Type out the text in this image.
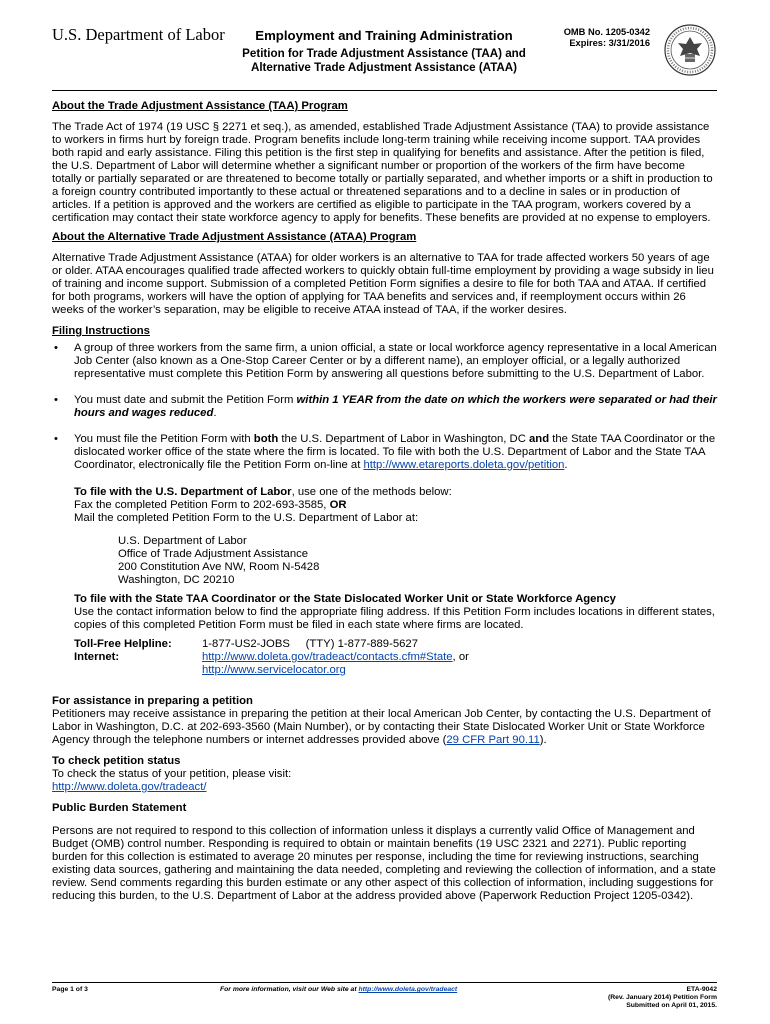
U.S. Department of Labor	Employment and Training Administration
Petition for Trade Adjustment Assistance (TAA) and
Alternative Trade Adjustment Assistance (ATAA)
OMB No. 1205-0342
Expires: 3/31/2016
About the Trade Adjustment Assistance (TAA) Program

The Trade Act of 1974 (19 USC § 2271 et seq.), as amended, established Trade Adjustment Assistance (TAA) to provide assistance to workers in firms hurt by foreign trade. Program benefits include long-term training while receiving income support. TAA provides both rapid and early assistance. Filing this petition is the first step in qualifying for benefits and assistance. After the petition is filed, the U.S. Department of Labor will determine whether a significant number or proportion of the workers of the firm have become totally or partially separated or are threatened to become totally or partially separated, and whether imports or a shift in production to a foreign country contributed importantly to these actual or threatened separations and to a decline in sales or in production of articles. If a petition is approved and the workers are certified as eligible to participate in the TAA program, workers covered by a certification may contact their state workforce agency to apply for benefits. These benefits are provided at no expense to employers.

About the Alternative Trade Adjustment Assistance (ATAA) Program

Alternative Trade Adjustment Assistance (ATAA) for older workers is an alternative to TAA for trade affected workers 50 years of age or older. ATAA encourages qualified trade affected workers to quickly obtain full-time employment by providing a wage subsidy in lieu of training and income support. Submission of a completed Petition Form signifies a desire to file for both TAA and ATAA. If certified for both programs, workers will have the option of applying for TAA benefits and services and, if reemployment occurs within 26 weeks of the worker’s separation, may be eligible to receive ATAA instead of TAA, if the worker desires.

Filing Instructions
• A group of three workers from the same firm, a union official, a state or local workforce agency representative in a local American Job Center (also known as a One-Stop Career Center or by a different name), an employer official, or a legally authorized representative must complete this Petition Form by answering all questions before submitting to the U.S. Department of Labor.
• You must date and submit the Petition Form within 1 YEAR from the date on which the workers were separated or had their hours and wages reduced.
• You must file the Petition Form with both the U.S. Department of Labor in Washington, DC and the State TAA Coordinator or the dislocated worker office of the state where the firm is located. To file with both the U.S. Department of Labor and the State TAA Coordinator, electronically file the Petition Form on-line at http://www.etareports.doleta.gov/petition.

To file with the U.S. Department of Labor, use one of the methods below:

Fax the completed Petition Form to 202-693-3585, OR

Mail the completed Petition Form to the U.S. Department of Labor at:

U.S. Department of Labor

Office of Trade Adjustment Assistance

200 Constitution Ave NW, Room N-5428

Washington, DC 20210

To file with the State TAA Coordinator or the State Dislocated Worker Unit or State Workforce Agency

Use the contact information below to find the appropriate filing address. If this Petition Form includes locations in different states, copies of this completed Petition Form must be filed in each state where firms are located.

Toll-Free Helpline:	1-877-US2-JOBS     (TTY) 1-877-889-5627
Internet:	http://www.doleta.gov/tradeact/contacts.cfm#State, or
http://www.servicelocator.org
For assistance in preparing a petition

Petitioners may receive assistance in preparing the petition at their local American Job Center, by contacting the U.S. Department of Labor in Washington, D.C. at 202-693-3560 (Main Number), or by contacting their State Dislocated Worker Unit or State Workforce Agency through the telephone numbers or internet addresses provided above (29 CFR Part 90.11).

To check petition status

To check the status of your petition, please visit:

http://www.doleta.gov/tradeact/

Public Burden Statement

Persons are not required to respond to this collection of information unless it displays a currently valid Office of Management and Budget (OMB) control number. Responding is required to obtain or maintain benefits (19 USC 2321 and 2271). Public reporting burden for this collection is estimated to average 20 minutes per response, including the time for reviewing instructions, searching existing data sources, gathering and maintaining the data needed, completing and reviewing the collection of information, and a state review. Send comments regarding this burden estimate or any other aspect of this collection of information, including suggestions for reducing this burden, to the U.S. Department of Labor at the address provided above (Paperwork Reduction Project 1205-0342).

Page 1 of 3	For more information, visit our Web site at http://www.doleta.gov/tradeact	ETA-9042
(Rev. January 2014) Petition Form
Submitted on April 01, 2015.
